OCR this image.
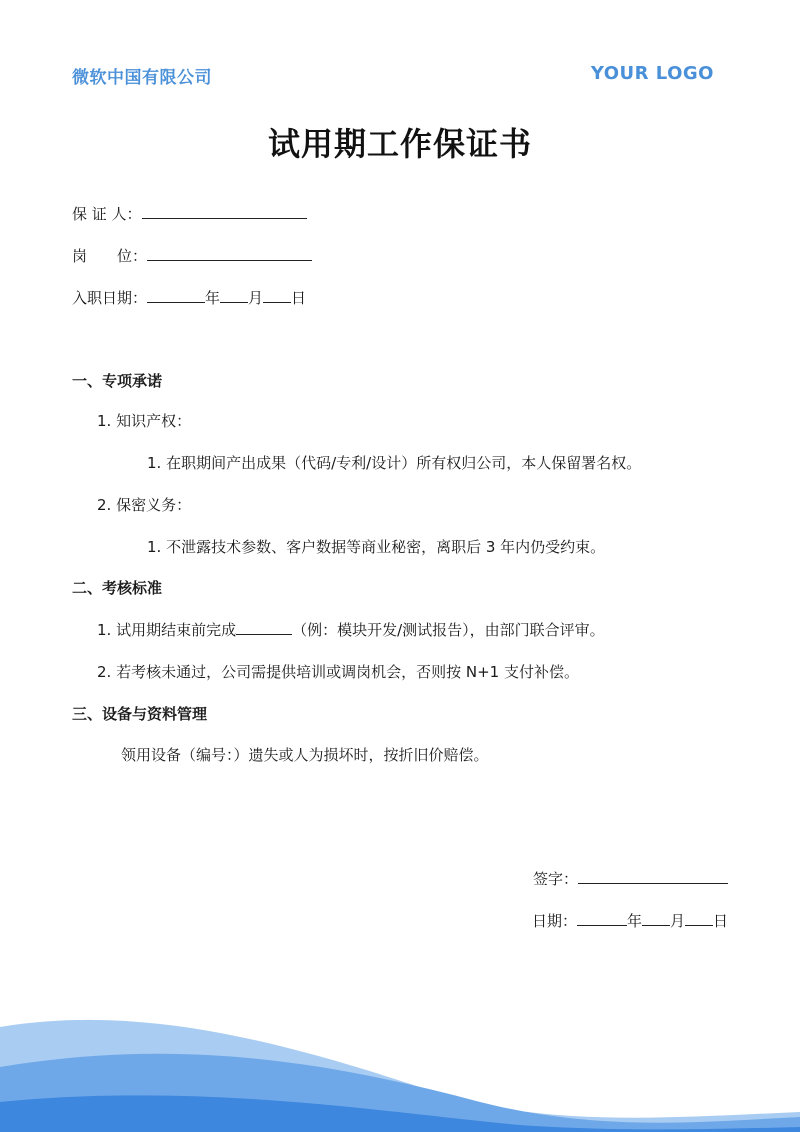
微软中国有限公司	YOUR LOGO
试用期工作保证书
保 证 人：
岗　　位：
入职日期：	年 月 日
一、专项承诺
1. 知识产权：
1. 在职期间产出成果（代码/专利/设计）所有权归公司，本人保留署名权。
2. 保密义务：
1. 不泄露技术参数、客户数据等商业秘密，离职后 3 年内仍受约束。
二、考核标准
1. 试用期结束前完成	（例：模块开发/测试报告），由部门联合评审。
2. 若考核未通过，公司需提供培训或调岗机会，否则按 N+1 支付补偿。
三、设备与资料管理
领用设备（编号：）遗失或人为损坏时，按折旧价赔偿。
签字：
日期：	年 月 日
